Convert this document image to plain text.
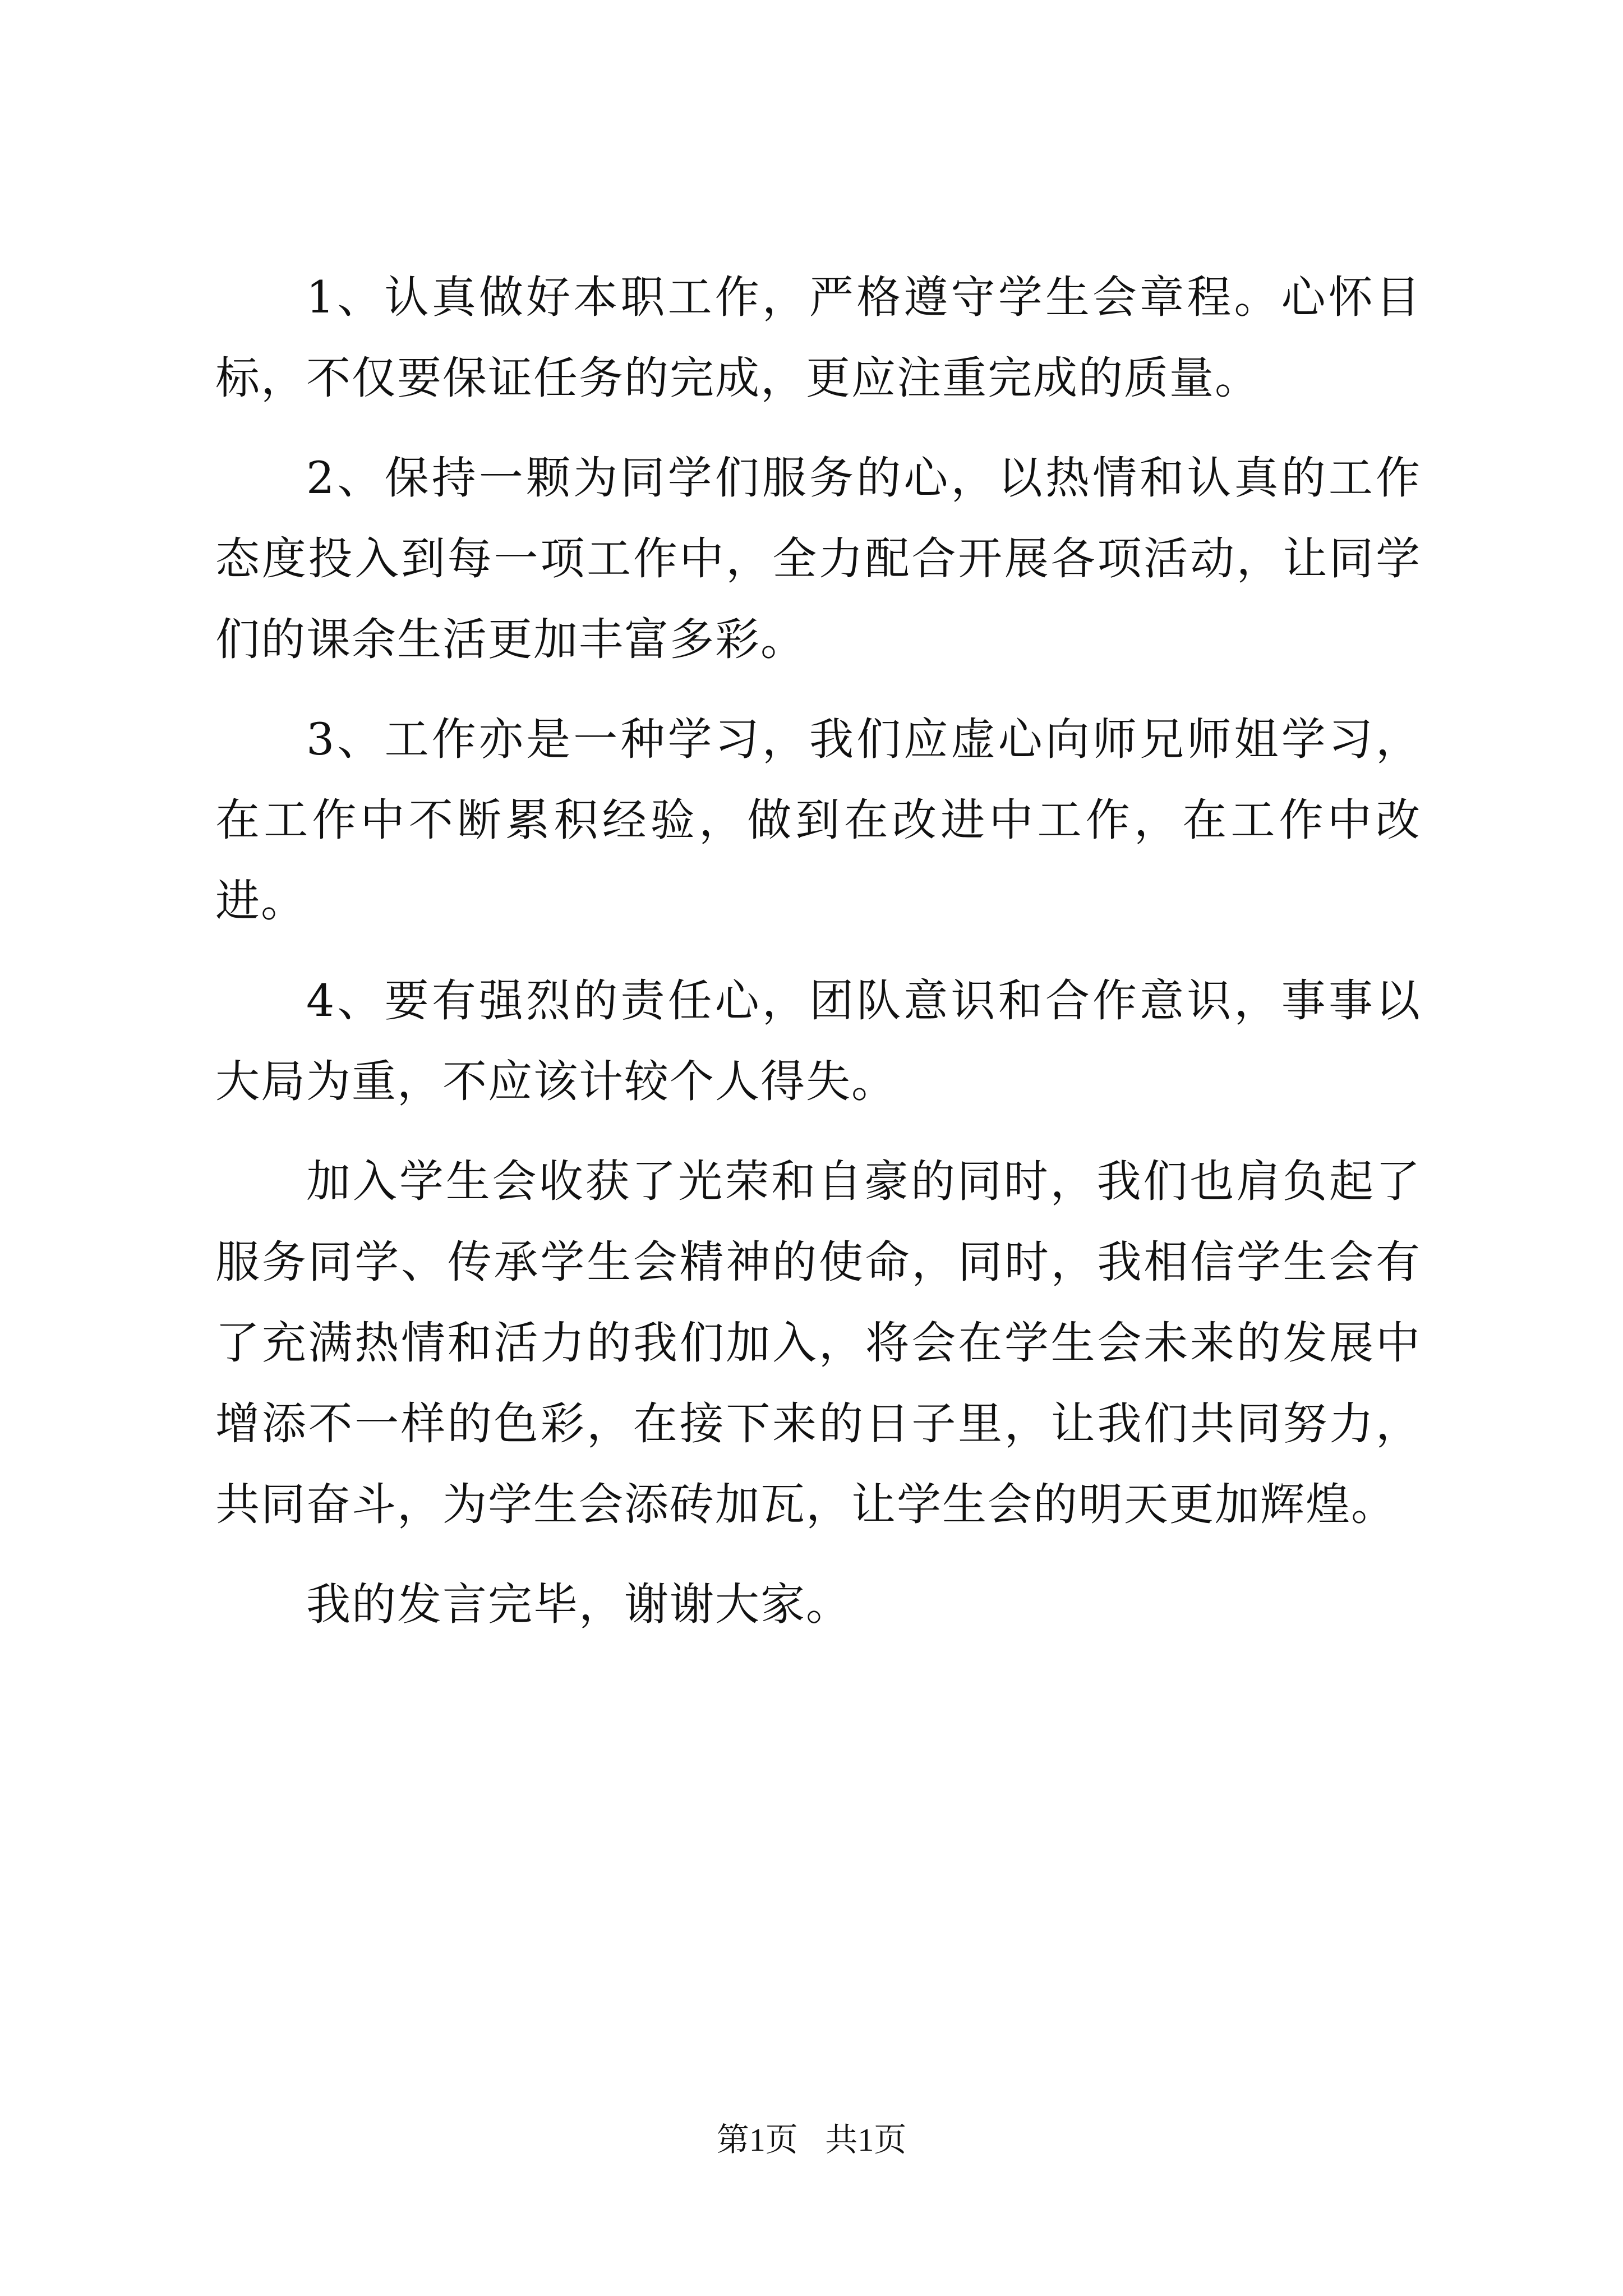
1、认真做好本职工作，严格遵守学生会章程。心怀目标，不仅要保证任务的完成，更应注重完成的质量。

2、保持一颗为同学们服务的心，以热情和认真的工作态度投入到每一项工作中，全力配合开展各项活动，让同学们的课余生活更加丰富多彩。

3、工作亦是一种学习，我们应虚心向师兄师姐学习，在工作中不断累积经验，做到在改进中工作，在工作中改进。

4、要有强烈的责任心，团队意识和合作意识，事事以大局为重，不应该计较个人得失。

加入学生会收获了光荣和自豪的同时，我们也肩负起了服务同学、传承学生会精神的使命，同时，我相信学生会有了充满热情和活力的我们加入，将会在学生会未来的发展中增添不一样的色彩，在接下来的日子里，让我们共同努力，共同奋斗，为学生会添砖加瓦，让学生会的明天更加辉煌。

我的发言完毕，谢谢大家。

第1页 共1页
